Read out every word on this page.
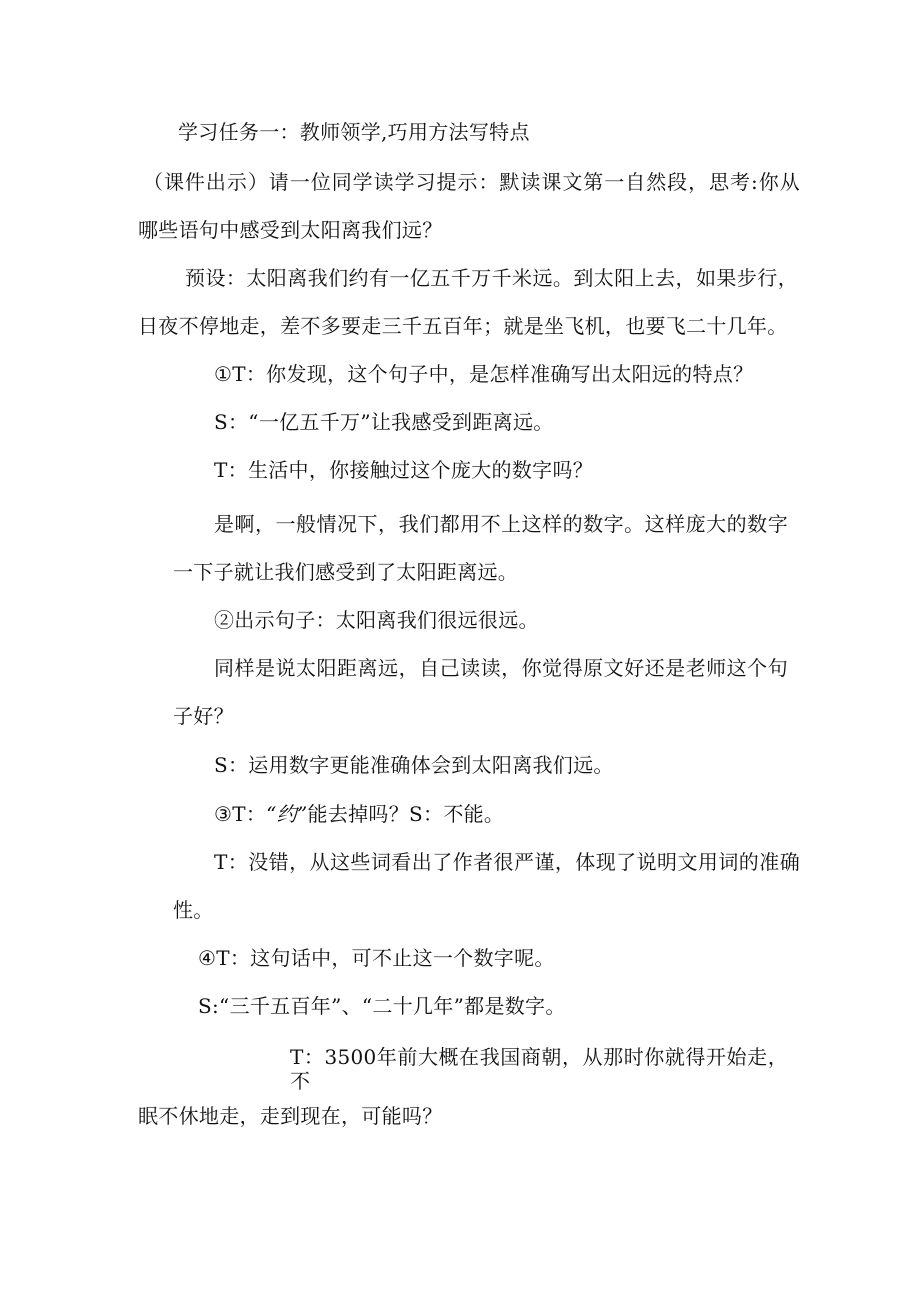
学习任务一：教师领学,巧用方法写特点
（课件出示）请一位同学读学习提示：默读课文第一自然段，思考:你从
哪些语句中感受到太阳离我们远？
预设：太阳离我们约有一亿五千万千米远。到太阳上去，如果步行，
日夜不停地走，差不多要走三千五百年；就是坐飞机，也要飞二十几年。
①T：你发现，这个句子中，是怎样准确写出太阳远的特点？
S：“一亿五千万”让我感受到距离远。
T：生活中，你接触过这个庞大的数字吗？
是啊，一般情况下，我们都用不上这样的数字。这样庞大的数字
一下子就让我们感受到了太阳距离远。
②出示句子：太阳离我们很远很远。
同样是说太阳距离远，自己读读，你觉得原文好还是老师这个句
子好？
S：运用数字更能准确体会到太阳离我们远。
③T：“约”能去掉吗？S：不能。
T：没错，从这些词看出了作者很严谨，体现了说明文用词的准确
性。
④T：这句话中，可不止这一个数字呢。
S:“三千五百年”、“二十几年”都是数字。
T：3500年前大概在我国商朝，从那时你就得开始走，不
眠不休地走，走到现在，可能吗？
